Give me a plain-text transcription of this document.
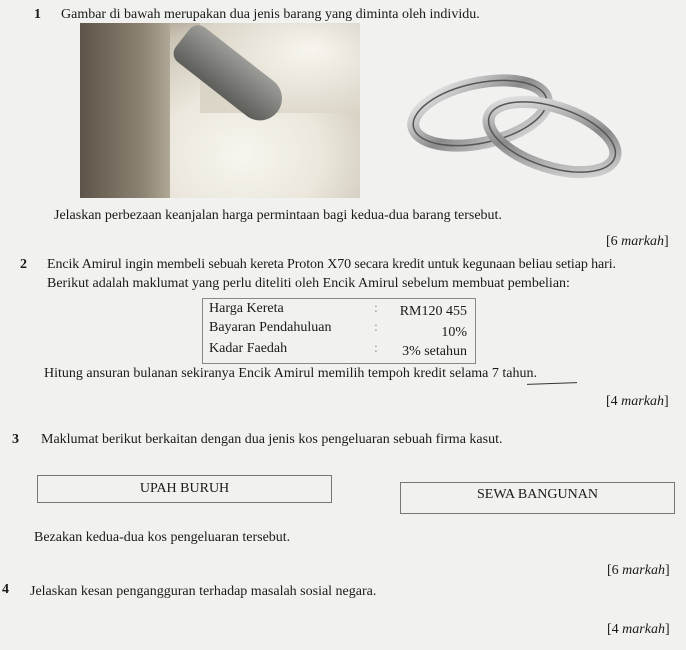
1 Gambar di bawah merupakan dua jenis barang yang diminta oleh individu.
Jelaskan perbezaan keanjalan harga permintaan bagi kedua-dua barang tersebut.
[6 markah]
2 Encik Amirul ingin membeli sebuah kereta Proton X70 secara kredit untuk kegunaan beliau setiap hari.
Berikut adalah maklumat yang perlu diteliti oleh Encik Amirul sebelum membuat pembelian:
Harga Kereta	: RM120 455
Bayaran Pendahuluan	:	10%
Kadar Faedah	: 3% setahun
Hitung ansuran bulanan sekiranya Encik Amirul memilih tempoh kredit selama 7 tahun.
[4 markah]
3 Maklumat berikut berkaitan dengan dua jenis kos pengeluaran sebuah firma kasut.
UPAH BURUH	SEWA BANGUNAN
Bezakan kedua-dua kos pengeluaran tersebut.
[6 markah]
4 Jelaskan kesan pengangguran terhadap masalah sosial negara.
[4 markah]
